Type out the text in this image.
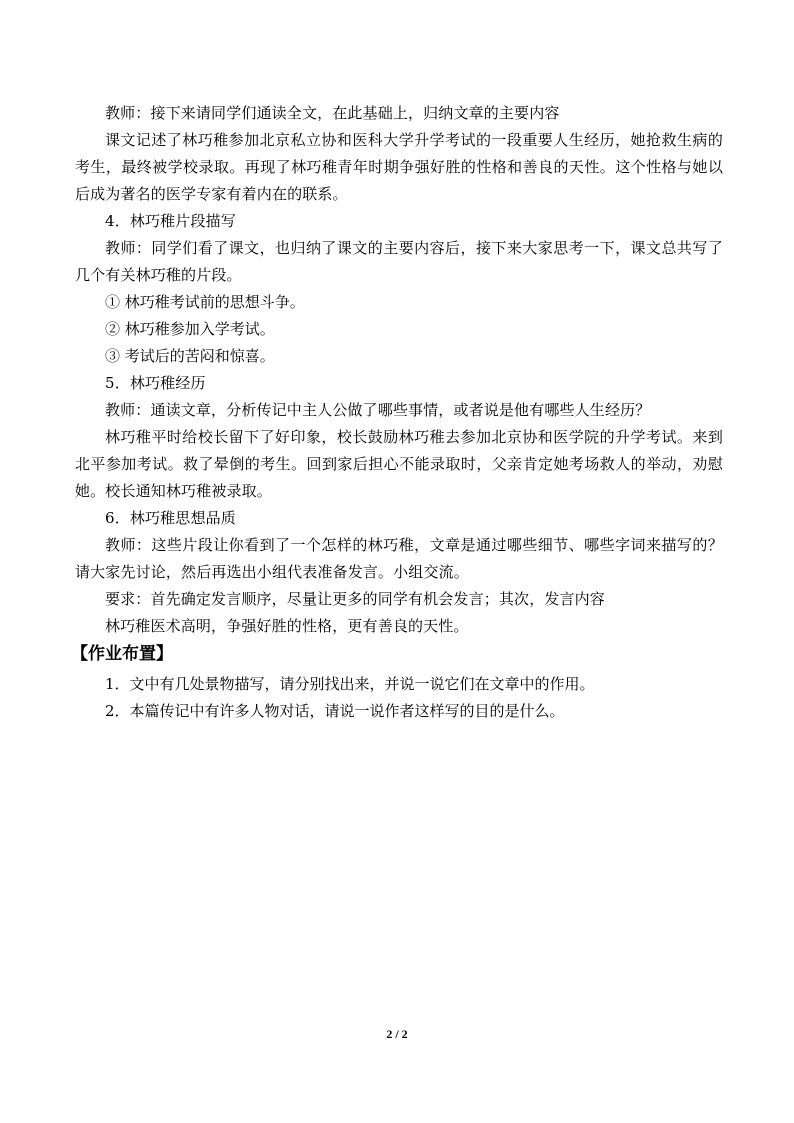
教师：接下来请同学们通读全文，在此基础上，归纳文章的主要内容

课文记述了林巧稚参加北京私立协和医科大学升学考试的一段重要人生经历，她抢救生病的考生，最终被学校录取。再现了林巧稚青年时期争强好胜的性格和善良的天性。这个性格与她以后成为著名的医学专家有着内在的联系。

4．林巧稚片段描写

教师：同学们看了课文，也归纳了课文的主要内容后，接下来大家思考一下，课文总共写了几个有关林巧稚的片段。

① 林巧稚考试前的思想斗争。

② 林巧稚参加入学考试。

③ 考试后的苦闷和惊喜。

5．林巧稚经历

教师：通读文章，分析传记中主人公做了哪些事情，或者说是他有哪些人生经历？

林巧稚平时给校长留下了好印象，校长鼓励林巧稚去参加北京协和医学院的升学考试。来到北平参加考试。救了晕倒的考生。回到家后担心不能录取时，父亲肯定她考场救人的举动，劝慰她。校长通知林巧稚被录取。

6．林巧稚思想品质

教师：这些片段让你看到了一个怎样的林巧稚，文章是通过哪些细节、哪些字词来描写的？请大家先讨论，然后再选出小组代表准备发言。小组交流。

要求：首先确定发言顺序，尽量让更多的同学有机会发言；其次，发言内容

林巧稚医术高明，争强好胜的性格，更有善良的天性。

【作业布置】

1．文中有几处景物描写，请分别找出来，并说一说它们在文章中的作用。

2．本篇传记中有许多人物对话，请说一说作者这样写的目的是什么。

2 / 2
